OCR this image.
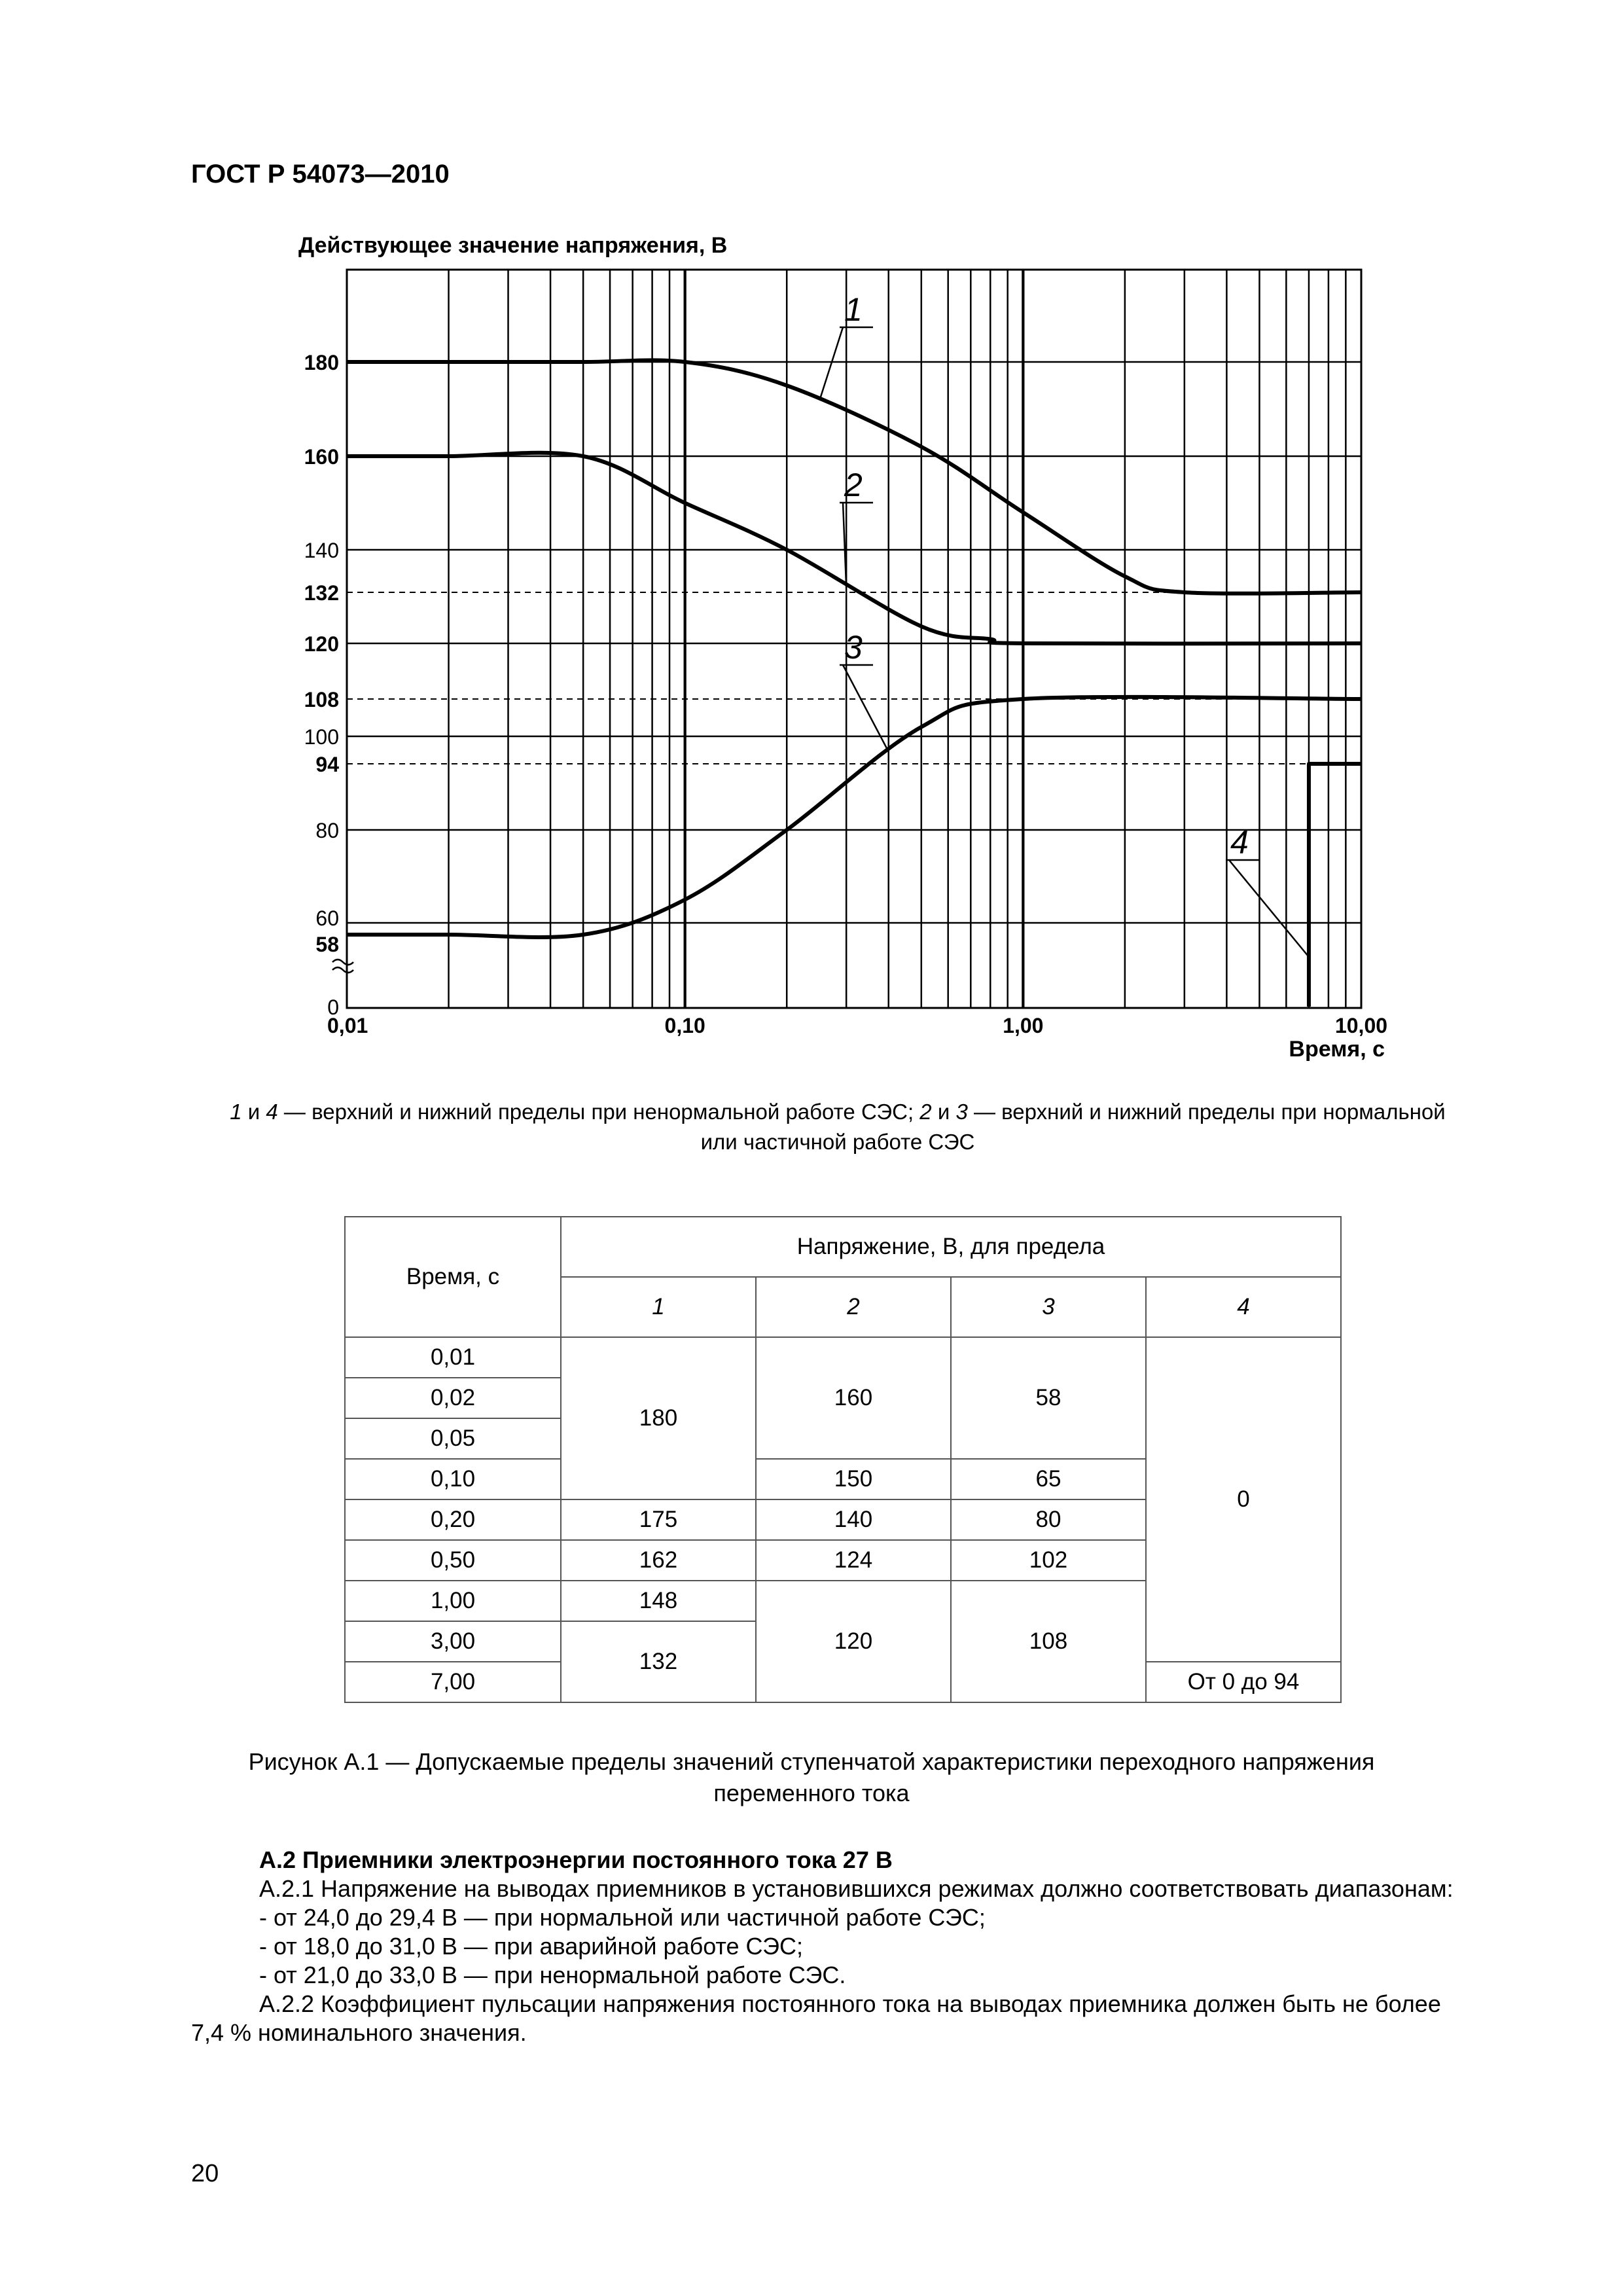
ГОСТ Р 54073—2010
1
2
3
4
180
160
140
132
120
108
100
94
80
60
58
0
0,01	0,10	1,00	10,00
Действующее значение напряжения, В
Время, с
1 и 4 — верхний и нижний пределы при ненормальной работе СЭС; 2 и 3 — верхний и нижний пределы при нормальной
или частичной работе СЭС
Время, с	Напряжение, В, для предела			
	1	2	3	4
0,01	180	160	58	0
0,02				
0,05				
0,10		150	65	
0,20	175	140	80	
0,50	162	124	102	
1,00	148	120	108	
3,00	132			
7,00				От 0 до 94
Рисунок А.1 — Допускаемые пределы значений ступенчатой характеристики переходного напряжения
переменного тока

А.2 Приемники электроэнергии постоянного тока 27 В

А.2.1 Напряжение на выводах приемников в установившихся режимах должно соответствовать диапазонам:

- от 24,0 до 29,4 В — при нормальной или частичной работе СЭС;

- от 18,0 до 31,0 В — при аварийной работе СЭС;

- от 21,0 до 33,0 В — при ненормальной работе СЭС.

А.2.2 Коэффициент пульсации напряжения постоянного тока на выводах приемника должен быть не более

7,4 % номинального значения.

20
